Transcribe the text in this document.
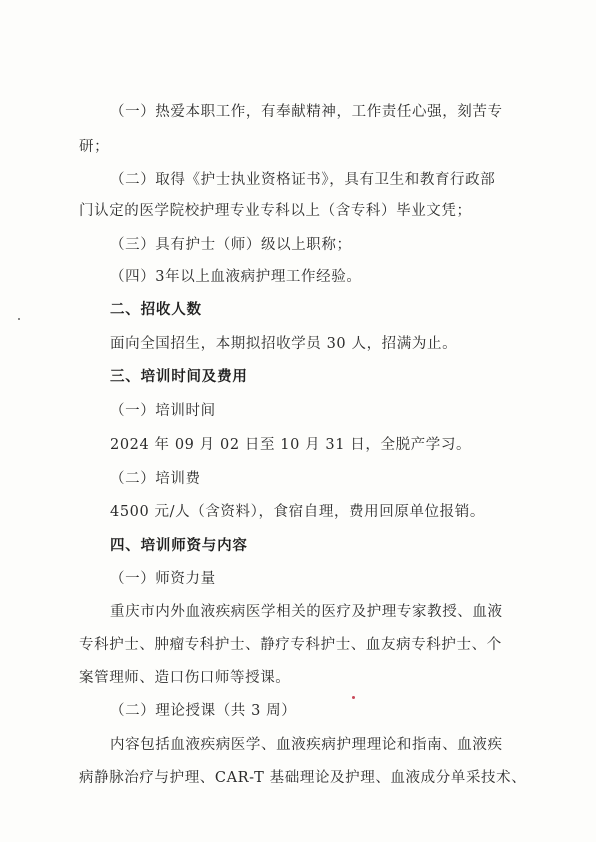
（一）热爱本职工作，有奉献精神，工作责任心强，刻苦专
研；
（二）取得《护士执业资格证书》，具有卫生和教育行政部
门认定的医学院校护理专业专科以上（含专科）毕业文凭；
（三）具有护士（师）级以上职称；
（四）3年以上血液病护理工作经验。
二、招收人数
面向全国招生，本期拟招收学员 30 人，招满为止。
三、培训时间及费用
（一）培训时间
2024 年 09 月 02 日至 10 月 31 日，全脱产学习。
（二）培训费
4500 元/人（含资料），食宿自理，费用回原单位报销。
四、培训师资与内容
（一）师资力量
重庆市内外血液疾病医学相关的医疗及护理专家教授、血液
专科护士、肿瘤专科护士、静疗专科护士、血友病专科护士、个
案管理师、造口伤口师等授课。
（二）理论授课（共 3 周）
内容包括血液疾病医学、血液疾病护理理论和指南、血液疾
病静脉治疗与护理、CAR-T 基础理论及护理、血液成分单采技术、
